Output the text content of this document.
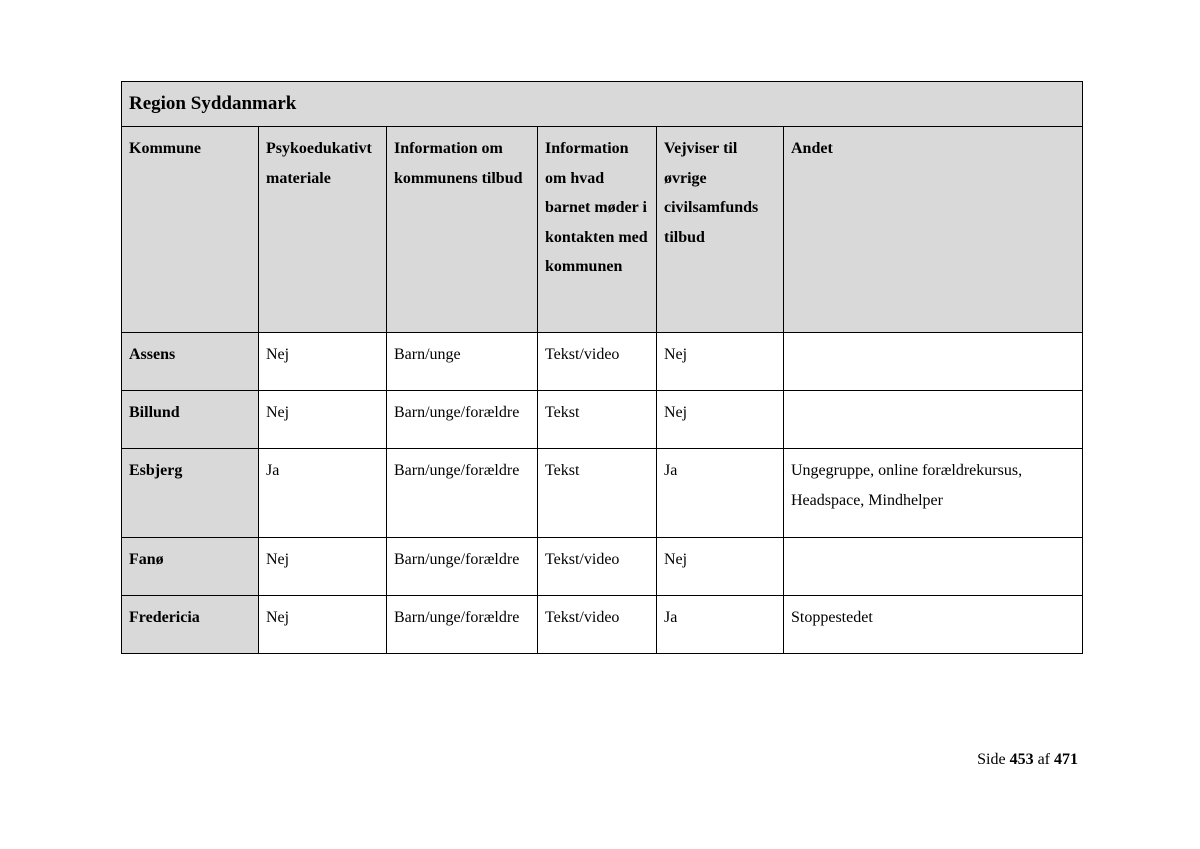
Region Syddanmark					
Kommune	Psykoedukativt materiale	Information om kommunens tilbud	Information om hvad barnet møder i kontakten med kommunen	Vejviser til øvrige civilsamfunds tilbud	Andet
Assens	Nej	Barn/unge	Tekst/video	Nej	
Billund	Nej	Barn/unge/forældre	Tekst	Nej	
Esbjerg	Ja	Barn/unge/forældre	Tekst	Ja	Ungegruppe, online forældrekursus, Headspace, Mindhelper
Fanø	Nej	Barn/unge/forældre	Tekst/video	Nej	
Fredericia	Nej	Barn/unge/forældre	Tekst/video	Ja	Stoppestedet
Side 453 af 471
